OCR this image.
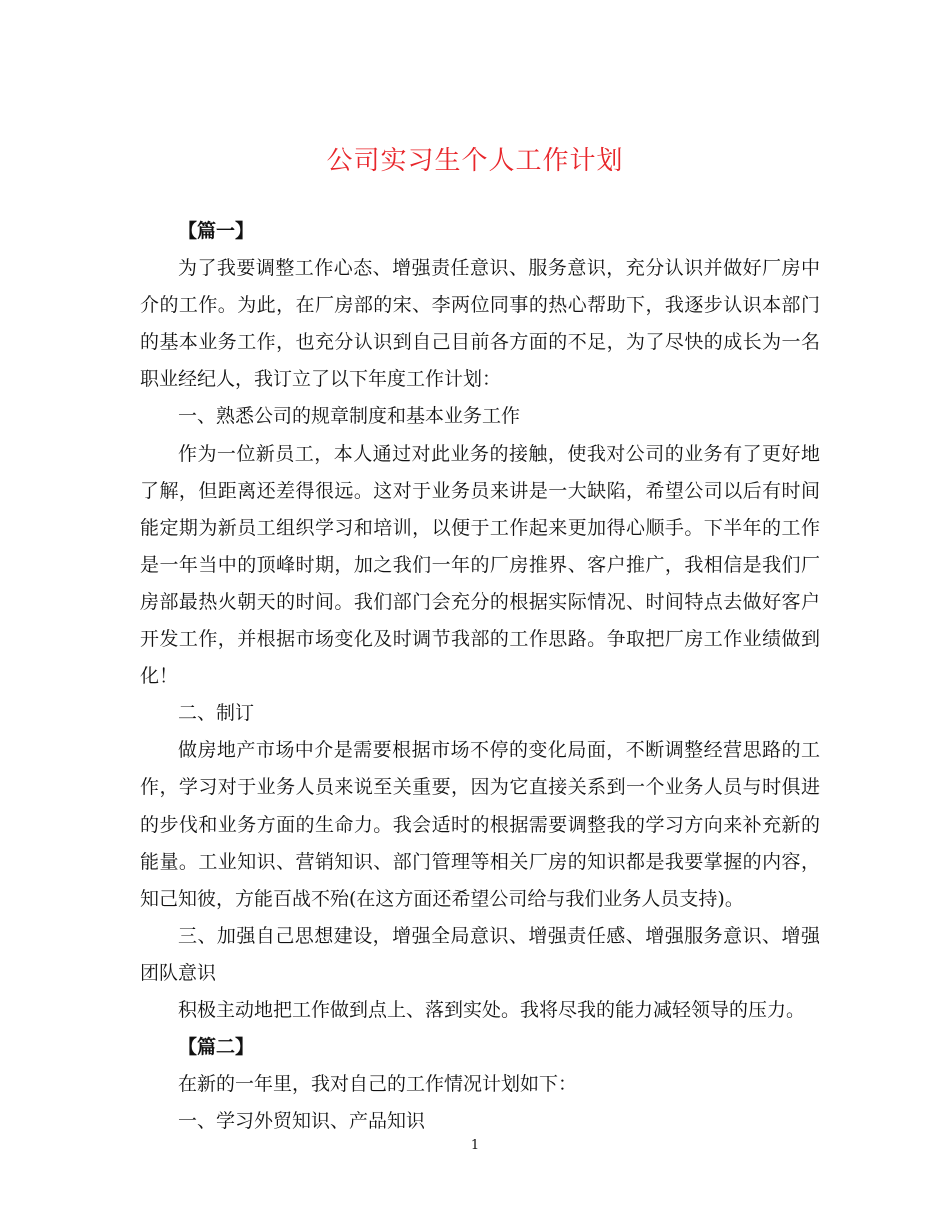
公司实习生个人工作计划

【篇一】

为了我要调整工作心态、增强责任意识、服务意识，充分认识并做好厂房中介的工作。为此，在厂房部的宋、李两位同事的热心帮助下，我逐步认识本部门的基本业务工作，也充分认识到自己目前各方面的不足，为了尽快的成长为一名职业经纪人，我订立了以下年度工作计划：

一、熟悉公司的规章制度和基本业务工作

作为一位新员工，本人通过对此业务的接触，使我对公司的业务有了更好地了解，但距离还差得很远。这对于业务员来讲是一大缺陷，希望公司以后有时间能定期为新员工组织学习和培训，以便于工作起来更加得心顺手。下半年的工作是一年当中的顶峰时期，加之我们一年的厂房推界、客户推广，我相信是我们厂房部最热火朝天的时间。我们部门会充分的根据实际情况、时间特点去做好客户开发工作，并根据市场变化及时调节我部的工作思路。争取把厂房工作业绩做到化！

二、制订

做房地产市场中介是需要根据市场不停的变化局面，不断调整经营思路的工作，学习对于业务人员来说至关重要，因为它直接关系到一个业务人员与时俱进的步伐和业务方面的生命力。我会适时的根据需要调整我的学习方向来补充新的能量。工业知识、营销知识、部门管理等相关厂房的知识都是我要掌握的内容，知己知彼，方能百战不殆(在这方面还希望公司给与我们业务人员支持)。

三、加强自己思想建设，增强全局意识、增强责任感、增强服务意识、增强团队意识

积极主动地把工作做到点上、落到实处。我将尽我的能力减轻领导的压力。

【篇二】

在新的一年里，我对自己的工作情况计划如下：

一、学习外贸知识、产品知识

1
